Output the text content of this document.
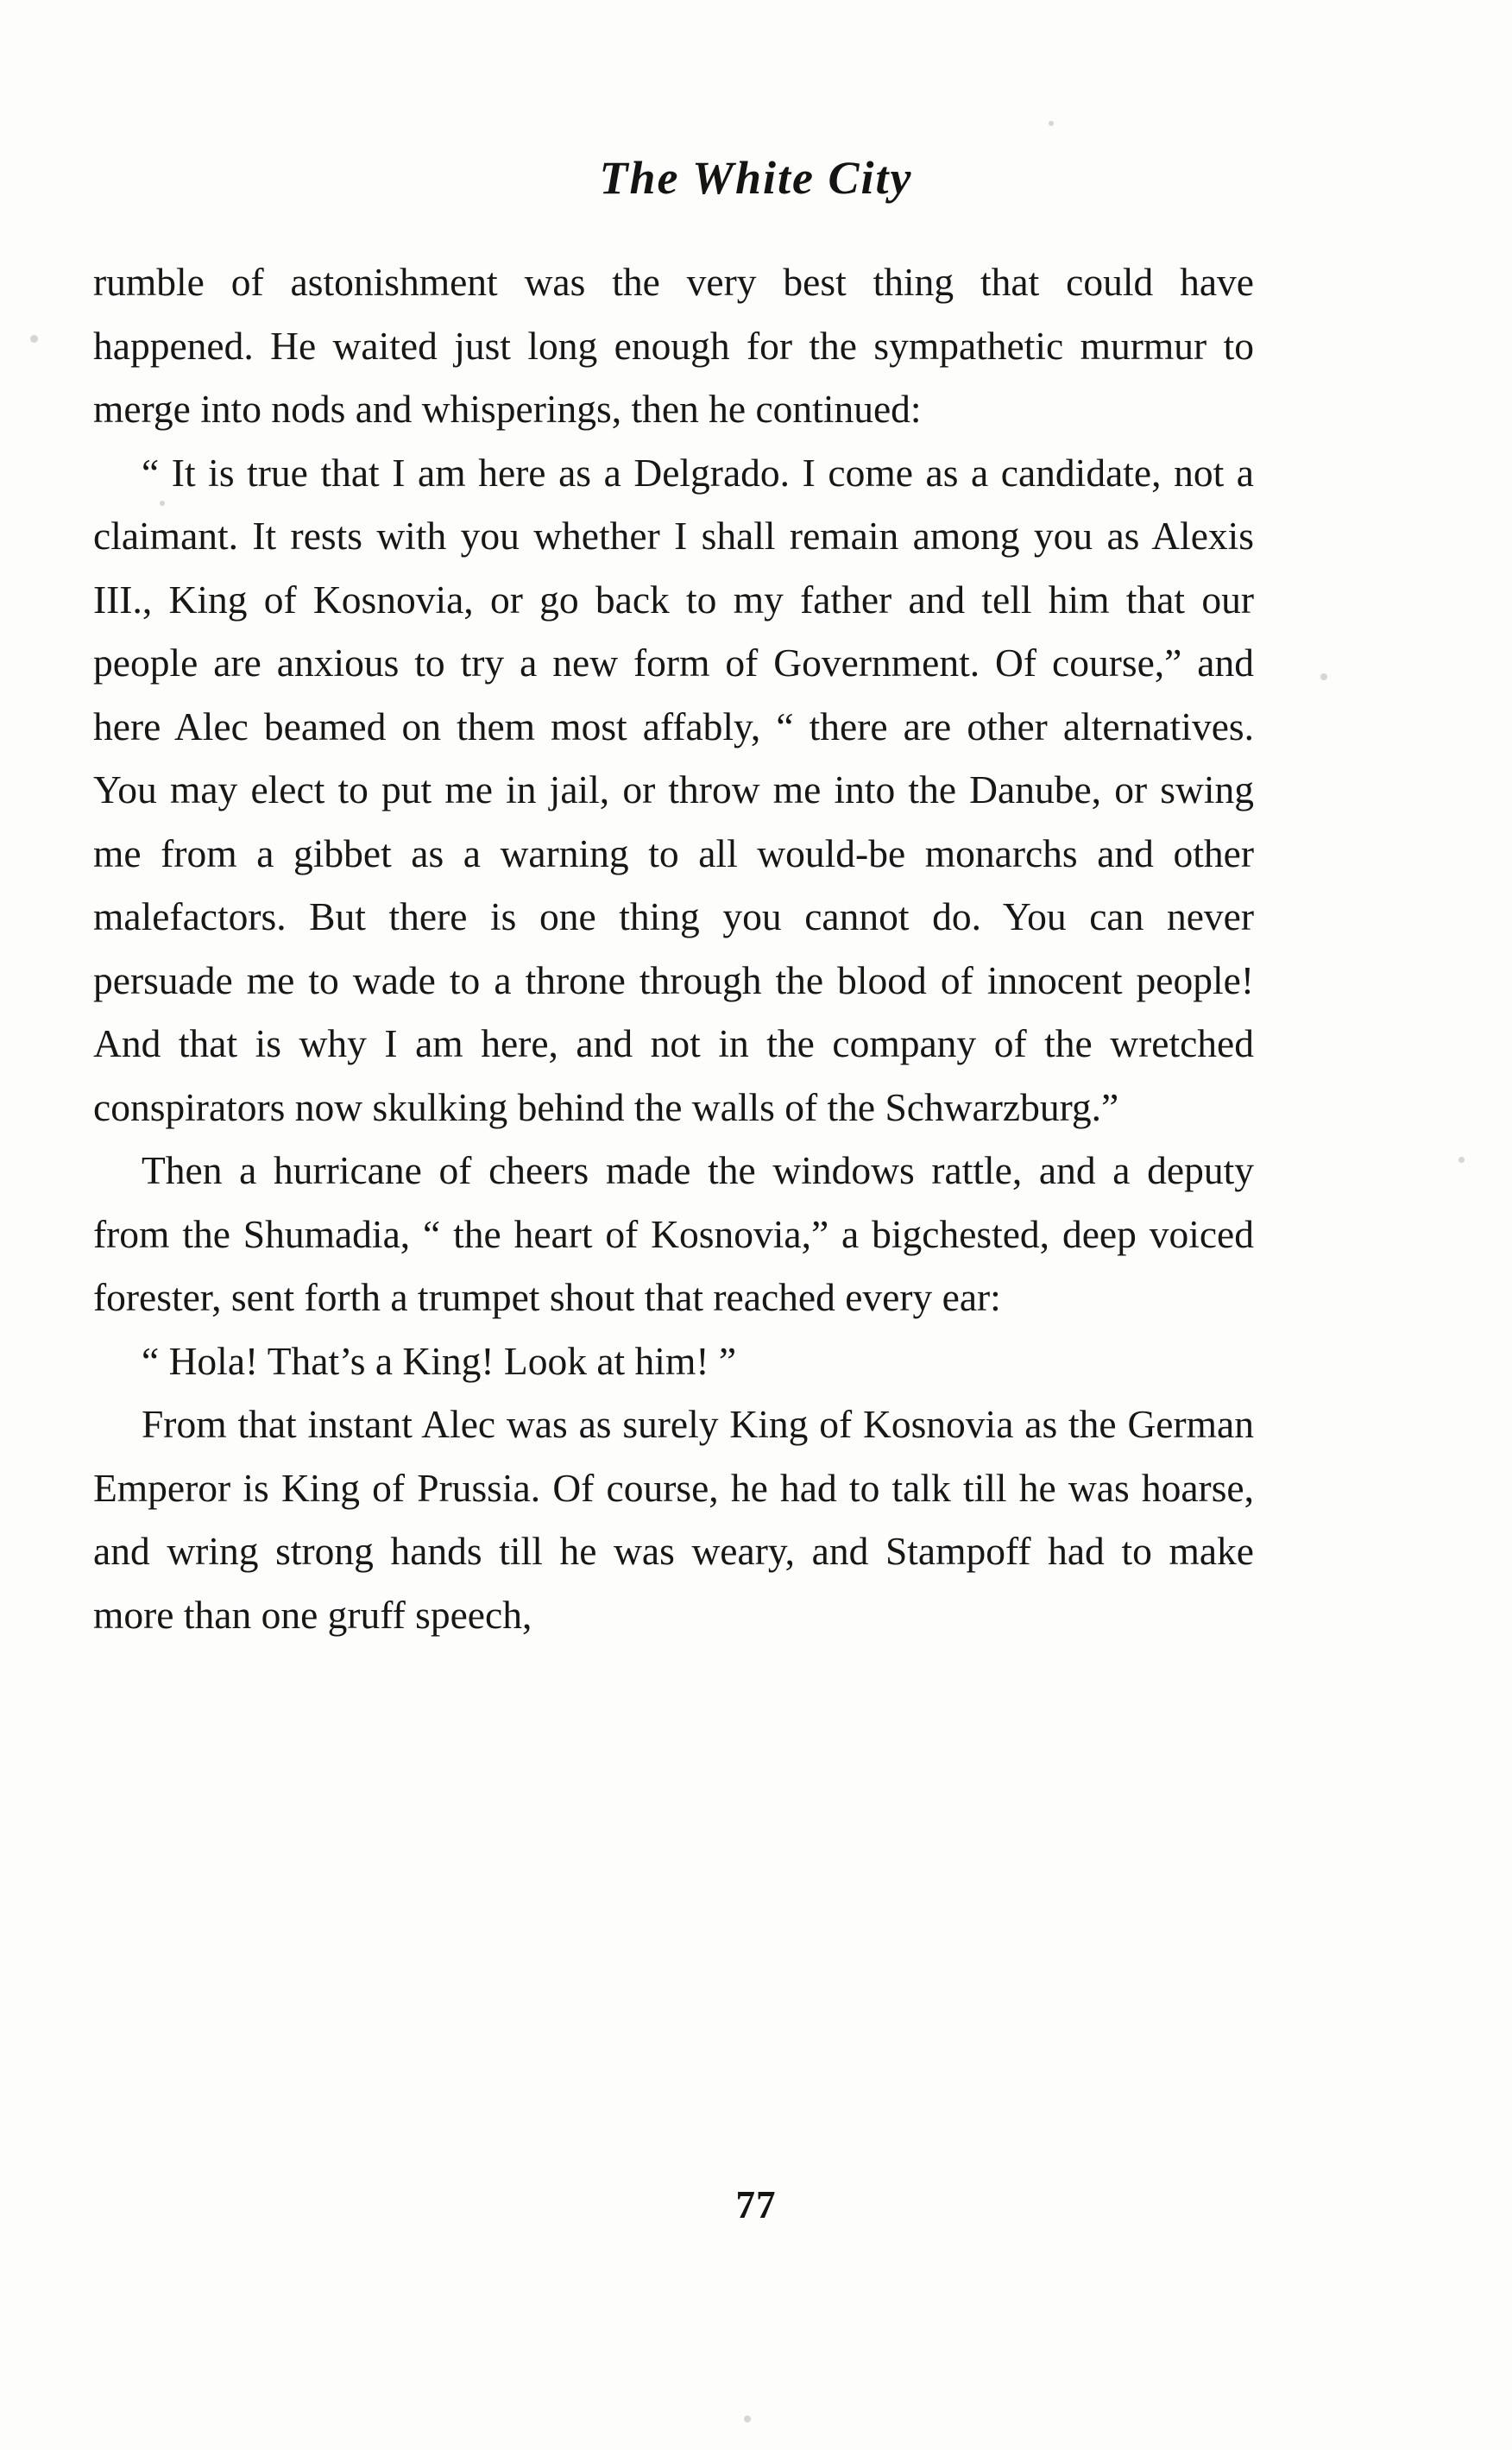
The White City

rumble of astonishment was the very best thing that could have happened. He waited just long enough for the sympathetic murmur to merge into nods and whisperings, then he continued:

“ It is true that I am here as a Delgrado. I come as a candidate, not a claimant. It rests with you whether I shall remain among you as Alexis III., King of Kosnovia, or go back to my father and tell him that our people are anxious to try a new form of Government. Of course,” and here Alec beamed on them most affably, “ there are other alternatives. You may elect to put me in jail, or throw me into the Danube, or swing me from a gibbet as a warning to all would-be monarchs and other malefactors. But there is one thing you cannot do. You can never persuade me to wade to a throne through the blood of innocent people! And that is why I am here, and not in the company of the wretched conspirators now skulking behind the walls of the Schwarzburg.”

Then a hurricane of cheers made the windows rattle, and a deputy from the Shumadia, “ the heart of Kosnovia,” a bigchested, deep voiced forester, sent forth a trumpet shout that reached every ear:

“ Hola! That’s a King! Look at him! ”

From that instant Alec was as surely King of Kosnovia as the German Emperor is King of Prussia. Of course, he had to talk till he was hoarse, and wring strong hands till he was weary, and Stampoff had to make more than one gruff speech,

77
